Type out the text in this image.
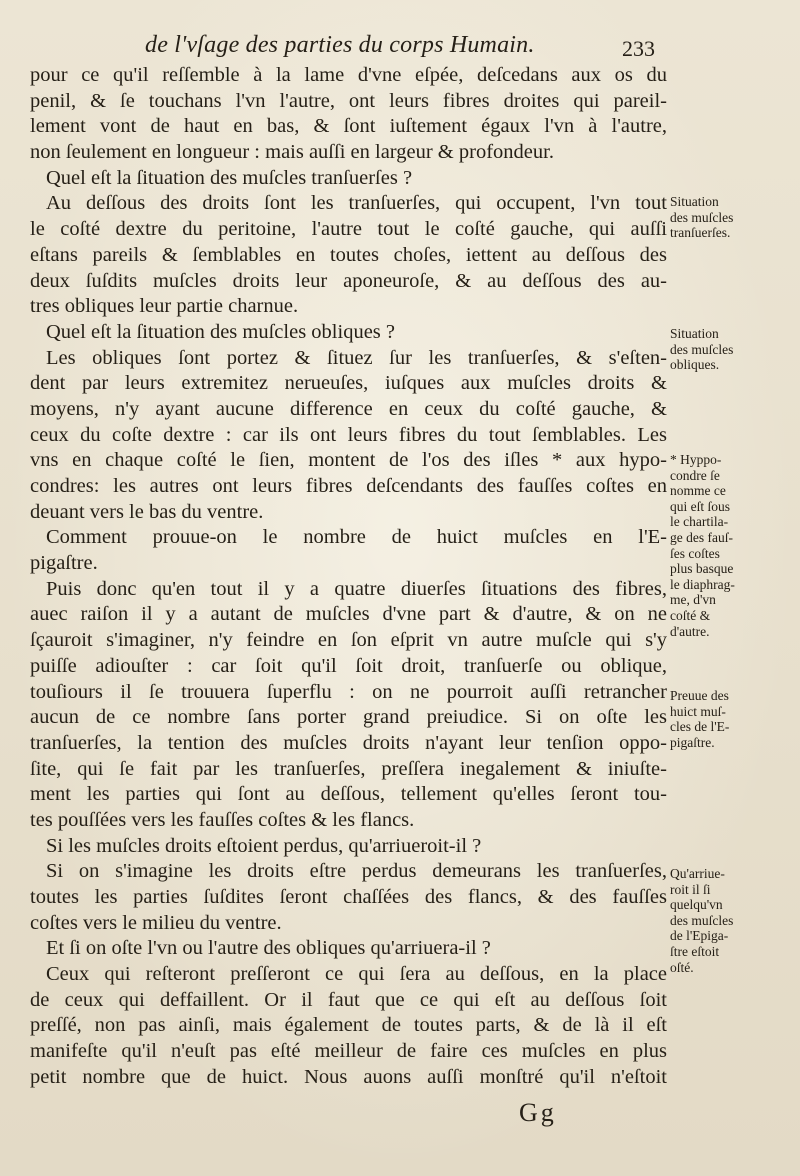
de l'vſage des parties du corps Humain.	233
pour ce qu'il reſſemble à la lame d'vne eſpée, deſcedans aux os du
penil, & ſe touchans l'vn l'autre, ont leurs fibres droites qui pareil-
lement vont de haut en bas, & ſont iuſtement égaux l'vn à l'autre,
non ſeulement en longueur : mais auſſi en largeur & profondeur.
Quel eſt la ſituation des muſcles tranſuerſes ?
Au deſſous des droits ſont les tranſuerſes, qui occupent, l'vn tout
le coſté dextre du peritoine, l'autre tout le coſté gauche, qui auſſi
eſtans pareils & ſemblables en toutes choſes, iettent au deſſous des
deux ſuſdits muſcles droits leur aponeuroſe, & au deſſous des au-
tres obliques leur partie charnue.
Quel eſt la ſituation des muſcles obliques ?
Les obliques ſont portez & ſituez ſur les tranſuerſes, & s'eſten-
dent par leurs extremitez nerueuſes, iuſques aux muſcles droits &
moyens, n'y ayant aucune difference en ceux du coſté gauche, &
ceux du coſte dextre : car ils ont leurs fibres du tout ſemblables. Les
vns en chaque coſté le ſien, montent de l'os des iſles * aux hypo-
condres: les autres ont leurs fibres deſcendants des fauſſes coſtes en
deuant vers le bas du ventre.
Comment prouue-on le nombre de huict muſcles en l'E-
pigaſtre.
Puis donc qu'en tout il y a quatre diuerſes ſituations des fibres,
auec raiſon il y a autant de muſcles d'vne part & d'autre, & on ne
ſçauroit s'imaginer, n'y feindre en ſon eſprit vn autre muſcle qui s'y
puiſſe adiouſter : car ſoit qu'il ſoit droit, tranſuerſe ou oblique,
touſiours il ſe trouuera ſuperflu : on ne pourroit auſſi retrancher
aucun de ce nombre ſans porter grand preiudice. Si on oſte les
tranſuerſes, la tention des muſcles droits n'ayant leur tenſion oppo-
ſite, qui ſe fait par les tranſuerſes, preſſera inegalement & iniuſte-
ment les parties qui ſont au deſſous, tellement qu'elles ſeront tou-
tes pouſſées vers les fauſſes coſtes & les flancs.
Si les muſcles droits eſtoient perdus, qu'arriueroit-il ?
Si on s'imagine les droits eſtre perdus demeurans les tranſuerſes,
toutes les parties ſuſdites ſeront chaſſées des flancs, & des fauſſes
coſtes vers le milieu du ventre.
Et ſi on oſte l'vn ou l'autre des obliques qu'arriuera-il ?
Ceux qui reſteront preſſeront ce qui ſera au deſſous, en la place
de ceux qui deffaillent. Or il faut que ce qui eſt au deſſous ſoit
preſſé, non pas ainſi, mais également de toutes parts, & de là il eſt
manifeſte qu'il n'euſt pas eſté meilleur de faire ces muſcles en plus
petit nombre que de huict. Nous auons auſſi monſtré qu'il n'eſtoit
Situation
des muſcles
tranſuerſes.
Situation
des muſcles
obliques.
* Hyppo-
condre ſe
nomme ce
qui eſt ſous
le chartila-
ge des fauſ-
ſes coſtes
plus basque
le diaphrag-
me, d'vn
coſté &
d'autre.
Preuue des
huict muſ-
cles de l'E-
pigaſtre.
Qu'arriue-
roit il ſi
quelqu'vn
des muſcles
de l'Epiga-
ſtre eſtoit
oſté.
Gg
